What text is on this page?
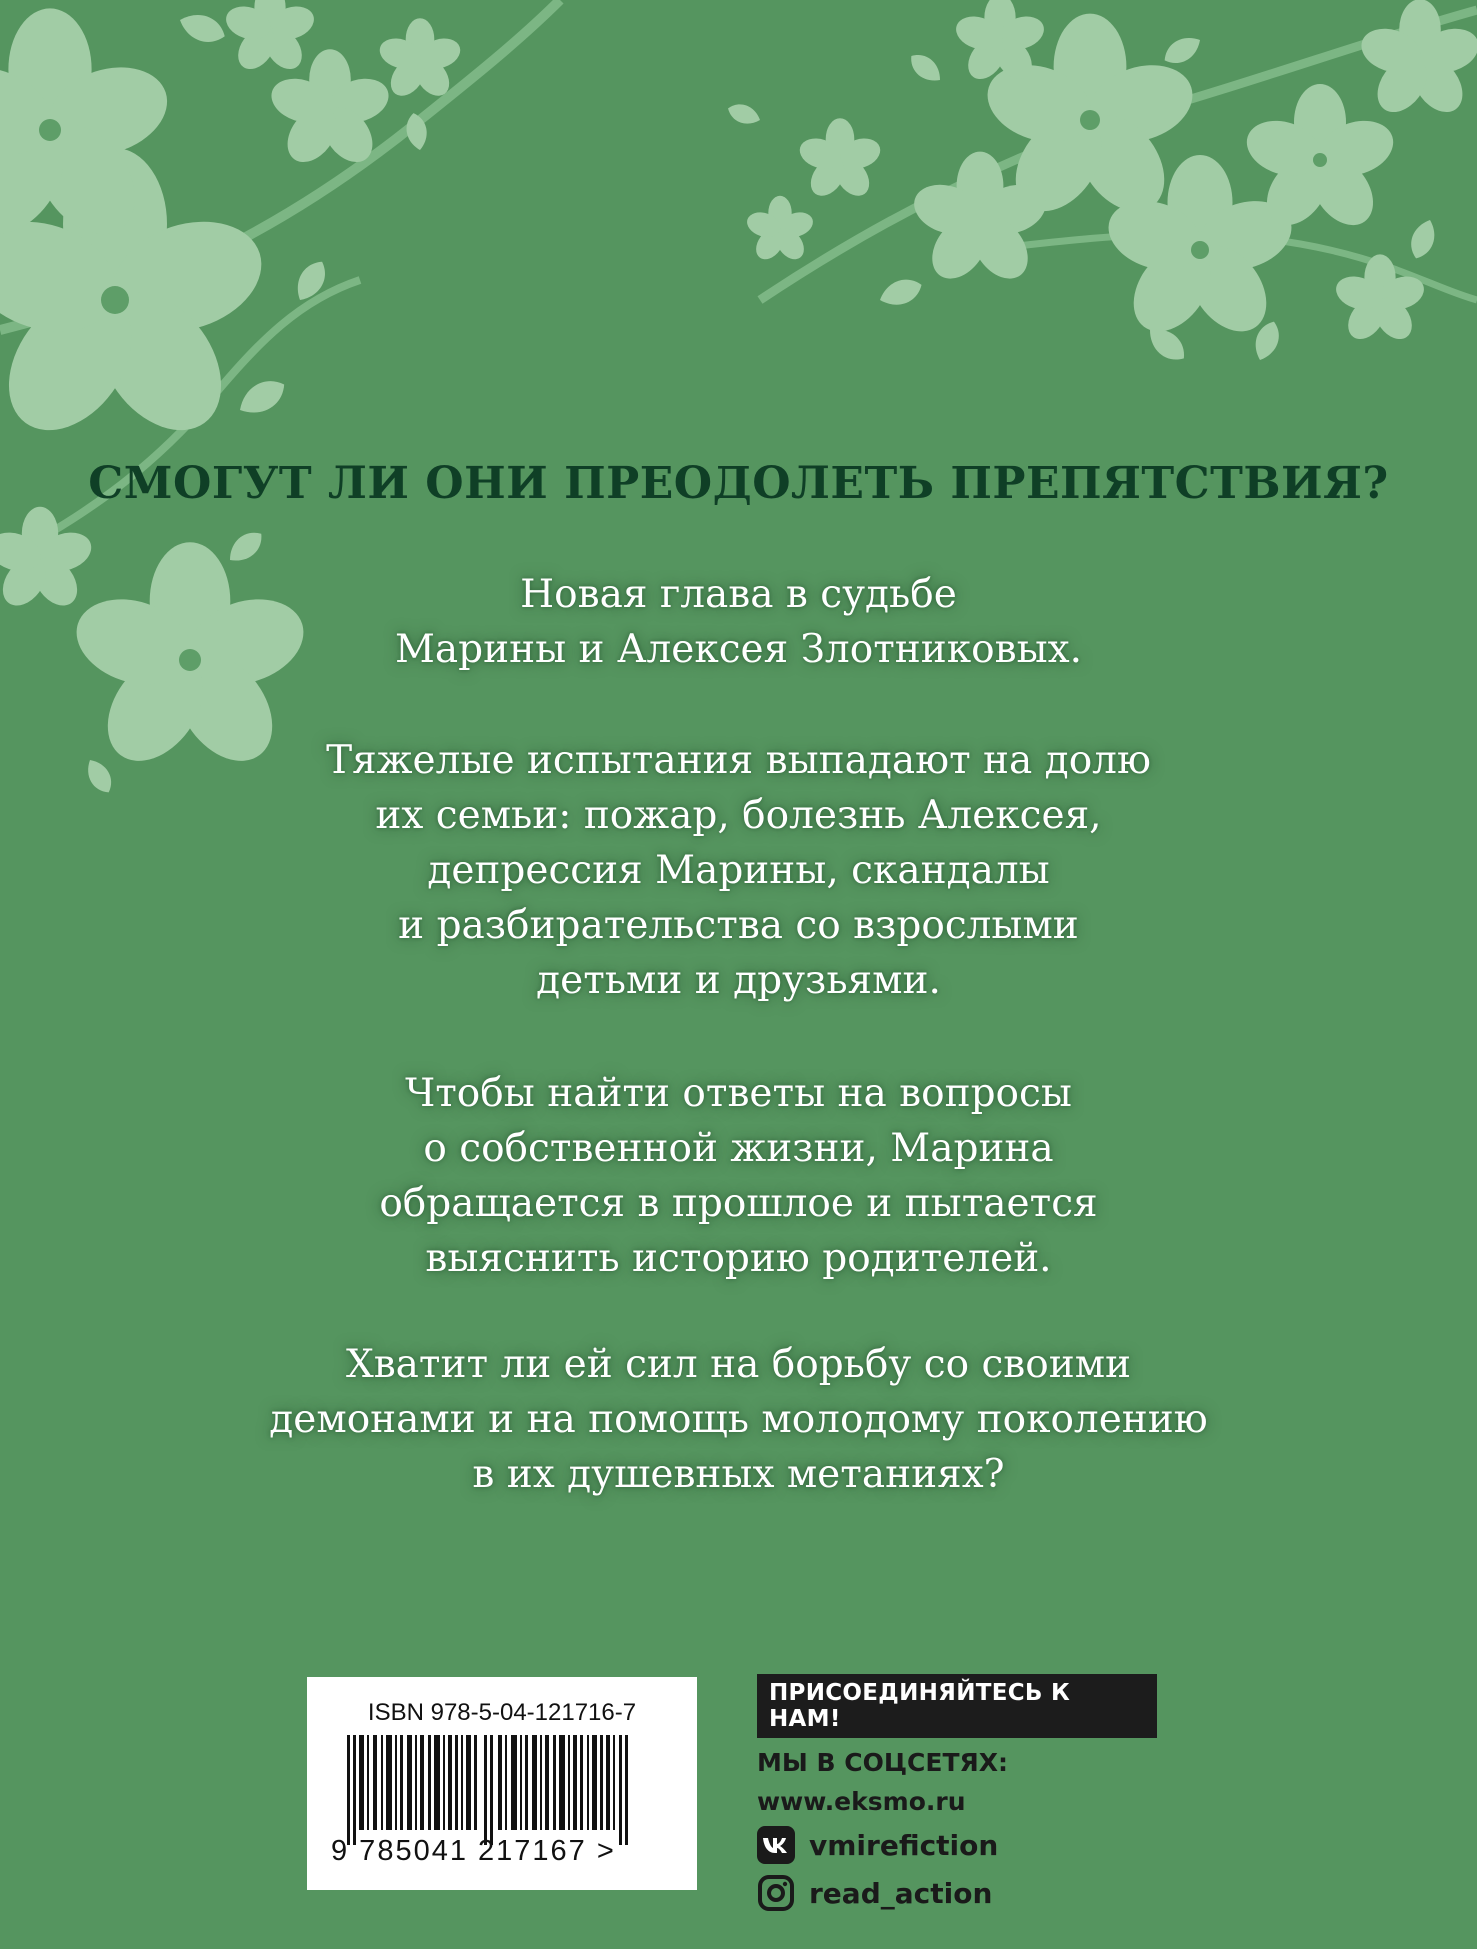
СМОГУТ ЛИ ОНИ ПРЕОДОЛЕТЬ ПРЕПЯТСТВИЯ?

Новая глава в судьбе

Марины и Алексея Злотниковых.

Тяжелые испытания выпадают на долю

их семьи: пожар, болезнь Алексея,

депрессия Марины, скандалы

и разбирательства со взрослыми

детьми и друзьями.

Чтобы найти ответы на вопросы

о собственной жизни, Марина

обращается в прошлое и пытается

выяснить историю родителей.

Хватит ли ей сил на борьбу со своими

демонами и на помощь молодому поколению

в их душевных метаниях?

ISBN 978-5-04-121716-7
9 785041 217167 >
ПРИСОЕДИНЯЙТЕСЬ К НАМ!
МЫ В СОЦСЕТЯХ:
www.eksmo.ru
vmirefiction
read_action
